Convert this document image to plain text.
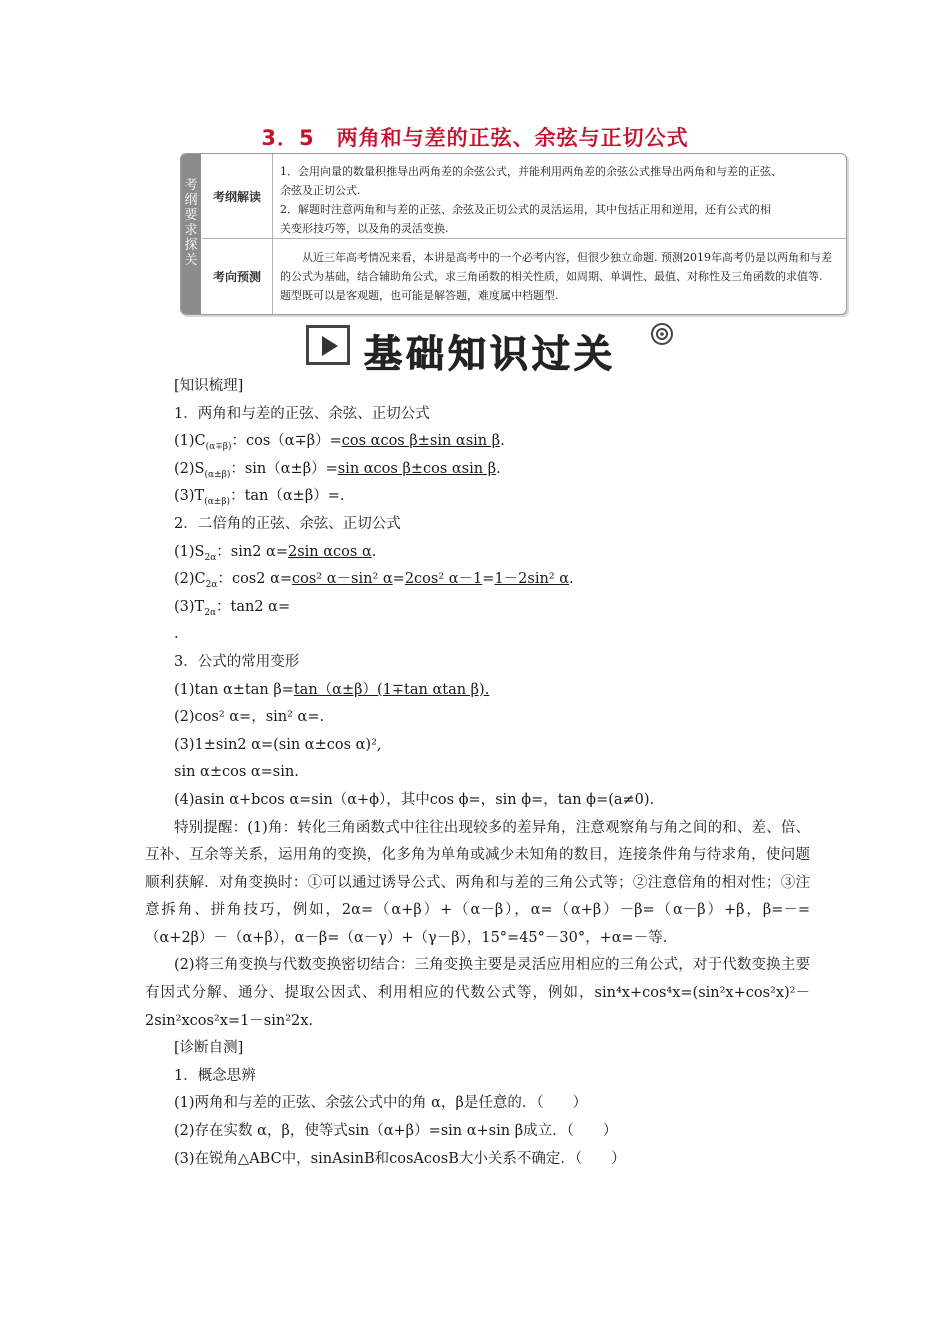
3．5　两角和与差的正弦、余弦与正切公式
考
纲
要
求
探
关
考纲解读
1．会用向量的数量积推导出两角差的余弦公式，并能利用两角差的余弦公式推导出两角和与差的正弦、
余弦及正切公式.
2．解题时注意两角和与差的正弦、余弦及正切公式的灵活运用，其中包括正用和逆用，还有公式的相
关变形技巧等，以及角的灵活变换.
考向预测
从近三年高考情况来看，本讲是高考中的一个必考内容，但很少独立命题. 预测2019年高考仍是以两角和与差的公式为基础，结合辅助角公式，求三角函数的相关性质，如周期、单调性、最值、对称性及三角函数的求值等. 题型既可以是客观题，也可能是解答题，难度属中档题型.
基础知识过关
[知识梳理]
1．两角和与差的正弦、余弦、正切公式
$(1)C_{(\alpha\mp\beta)}$：cos（α∓β）=cos αcos β±sin αsin β.
$(2)S_{(\alpha\pm\beta)}$：sin（α±β）=sin αcos β±cos αsin β.
$(3)T_{(\alpha\pm\beta)}$：tan（α±β）=.
2．二倍角的正弦、余弦、正切公式
$(1)S_{2\alpha}$：sin2 α=2sin αcos α.
$(2)C_{2\alpha}$：cos2 α=cos² α－sin² α=2cos² α－1=1－2sin² α.
$(3)T_{2\alpha}$：tan2 α=
.
3．公式的常用变形
(1)tan α±tan β=tan（α±β）(1∓tan αtan β).
(2)cos² α=，sin² α=.
(3)1±sin2 α=(sin α±cos α)²,
sin α±cos α=sin.
(4)asin α+bcos α=sin（α+ϕ），其中cos ϕ=，sin ϕ=，tan ϕ=(a≠0).
特别提醒：(1)角：转化三角函数式中往往出现较多的差异角，注意观察角与角之间的和、差、倍、互补、互余等关系，运用角的变换，化多角为单角或减少未知角的数目，连接条件角与待求角，使问题顺利获解．对角变换时：①可以通过诱导公式、两角和与差的三角公式等；②注意倍角的相对性；③注意拆角、拼角技巧，例如，2α=（α+β）+（α－β），α=（α+β）－β=（α－β）+β，β=－=（α+2β）－（α+β），α－β=（α－γ）+（γ－β），15°=45°－30°，+α=－等.
(2)将三角变换与代数变换密切结合：三角变换主要是灵活应用相应的三角公式，对于代数变换主要有因式分解、通分、提取公因式、利用相应的代数公式等，例如，sin⁴x+cos⁴x=(sin²x+cos²x)²－2sin²xcos²x=1－sin²2x.
[诊断自测]
1．概念思辨
(1)两角和与差的正弦、余弦公式中的角 α，β是任意的．（　　）
(2)存在实数 α，β，使等式sin（α+β）=sin α+sin β成立．（　　）
(3)在锐角△ABC中，sinAsinB和cosAcosB大小关系不确定．（　　）
